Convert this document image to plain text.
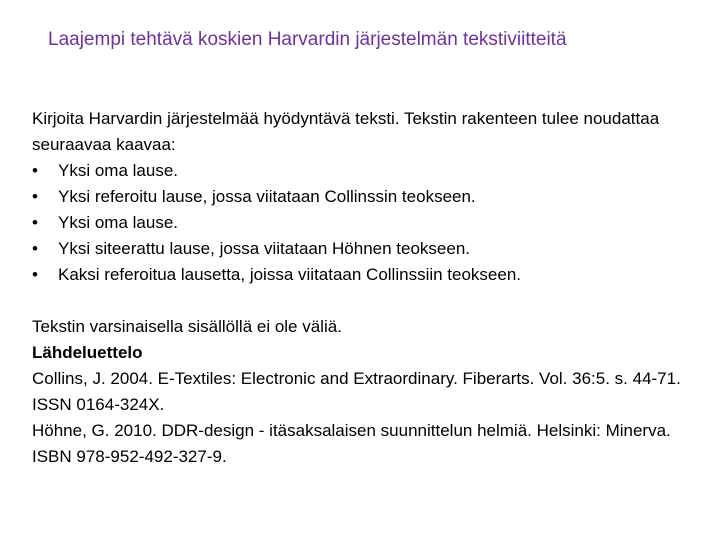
Laajempi tehtävä koskien Harvardin järjestelmän tekstiviitteitä

Kirjoita Harvardin järjestelmää hyödyntävä teksti. Tekstin rakenteen tulee noudattaa seuraavaa kaavaa:

• Yksi oma lause.
• Yksi referoitu lause, jossa viitataan Collinssin teokseen.
• Yksi oma lause.
• Yksi siteerattu lause, jossa viitataan Höhnen teokseen.
• Kaksi referoitua lausetta, joissa viitataan Collinssiin teokseen.

Tekstin varsinaisella sisällöllä ei ole väliä.

Lähdeluettelo

Collins, J. 2004. E-Textiles: Electronic and Extraordinary. Fiberarts. Vol. 36:5. s. 44-71. ISSN 0164-324X.

Höhne, G. 2010. DDR-design - itäsaksalaisen suunnittelun helmiä. Helsinki: Minerva. ISBN 978-952-492-327-9.
